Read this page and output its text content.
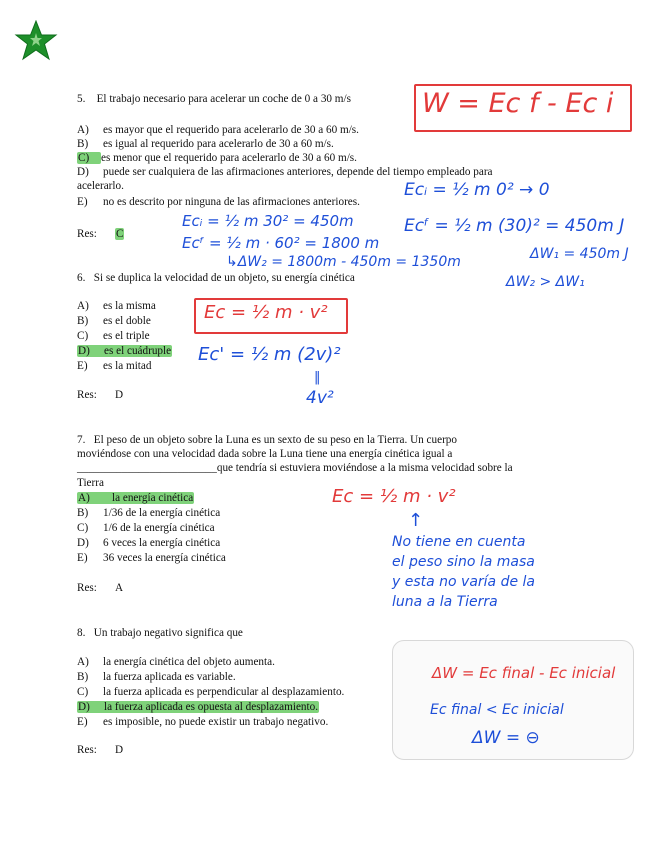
5. El trabajo necesario para acelerar un coche de 0 a 30 m/s
A) es mayor que el requerido para acelerarlo de 30 a 60 m/s.
B) es igual al requerido para acelerarlo de 30 a 60 m/s.
C) es menor que el requerido para acelerarlo de 30 a 60 m/s.
D) puede ser cualquiera de las afirmaciones anteriores, depende del tiempo empleado para
acelerarlo.
E) no es descrito por ninguna de las afirmaciones anteriores.
Res: C
W = Ec f - Ec i
Ecᵢ = ½ m 0² → 0
Ecᶠ = ½ m (30)² = 450m J
ΔW₁ = 450m J
ΔW₂ > ΔW₁
Ecᵢ = ½ m 30² = 450m
Ecᶠ = ½ m · 60² = 1800 m
↳ΔW₂ = 1800m - 450m = 1350m
6. Si se duplica la velocidad de un objeto, su energía cinética
A) es la misma
B) es el doble
C) es el triple
D) es el cuádruple
E) es la mitad
Res: D
Ec = ½ m · v²
Ec' = ½ m (2v)²
‖
4v²
7. El peso de un objeto sobre la Luna es un sexto de su peso en la Tierra. Un cuerpo
moviéndose con una velocidad dada sobre la Luna tiene una energía cinética igual a
_________________________que tendría si estuviera moviéndose a la misma velocidad sobre la
Tierra
A) la energía cinética
B) 1/36 de la energía cinética
C) 1/6 de la energía cinética
D) 6 veces la energía cinética
E) 36 veces la energía cinética
Res: A
Ec = ½ m · v²
↑
No tiene en cuenta
el peso sino la masa
y esta no varía de la
luna a la Tierra
8. Un trabajo negativo significa que
A) la energía cinética del objeto aumenta.
B) la fuerza aplicada es variable.
C) la fuerza aplicada es perpendicular al desplazamiento.
D) la fuerza aplicada es opuesta al desplazamiento.
E) es imposible, no puede existir un trabajo negativo.
Res: D
ΔW = Ec final - Ec inicial
Ec final < Ec inicial
ΔW = ⊖
